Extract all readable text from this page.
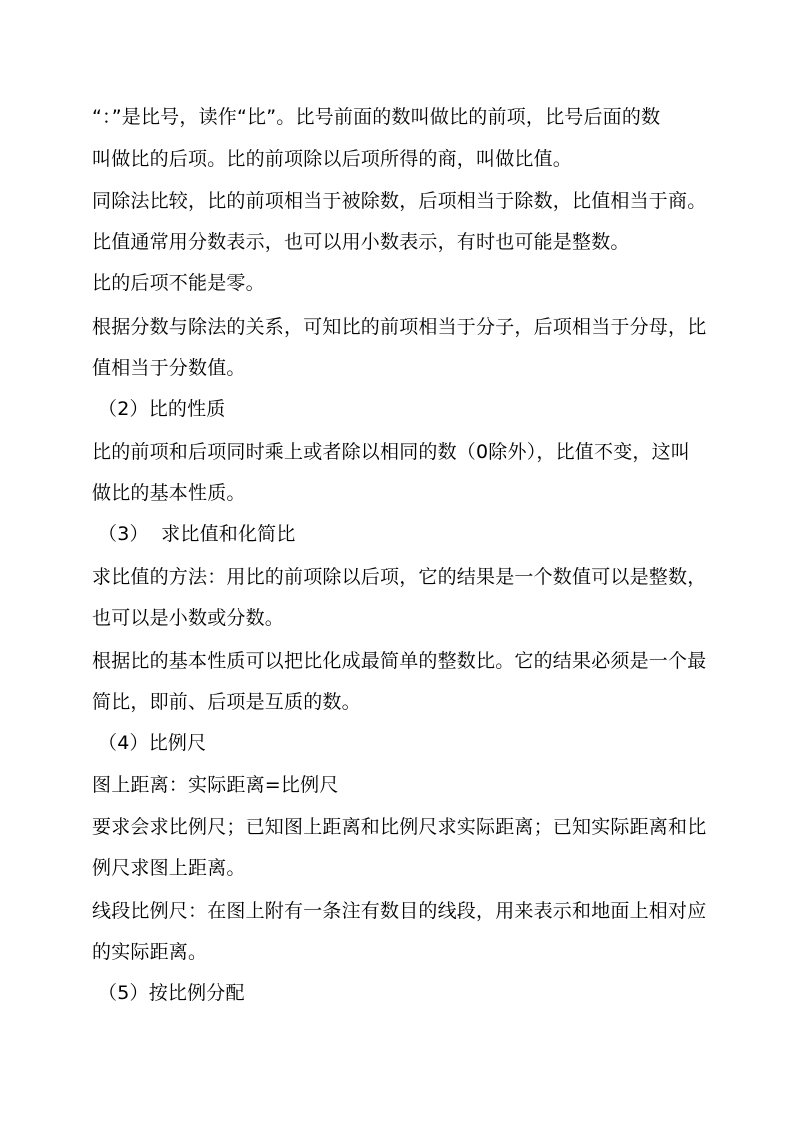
“：”是比号，读作“比”。比号前面的数叫做比的前项，比号后面的数
叫做比的后项。比的前项除以后项所得的商，叫做比值。
同除法比较，比的前项相当于被除数，后项相当于除数，比值相当于商。
比值通常用分数表示，也可以用小数表示，有时也可能是整数。
比的后项不能是零。
根据分数与除法的关系，可知比的前项相当于分子，后项相当于分母，比
值相当于分数值。
（2）比的性质
比的前项和后项同时乘上或者除以相同的数（0除外），比值不变，这叫
做比的基本性质。
（3）  求比值和化简比
求比值的方法：用比的前项除以后项，它的结果是一个数值可以是整数，
也可以是小数或分数。
根据比的基本性质可以把比化成最简单的整数比。它的结果必须是一个最
简比，即前、后项是互质的数。
（4）比例尺
图上距离：实际距离=比例尺
要求会求比例尺；已知图上距离和比例尺求实际距离；已知实际距离和比
例尺求图上距离。
线段比例尺：在图上附有一条注有数目的线段，用来表示和地面上相对应
的实际距离。
（5）按比例分配
